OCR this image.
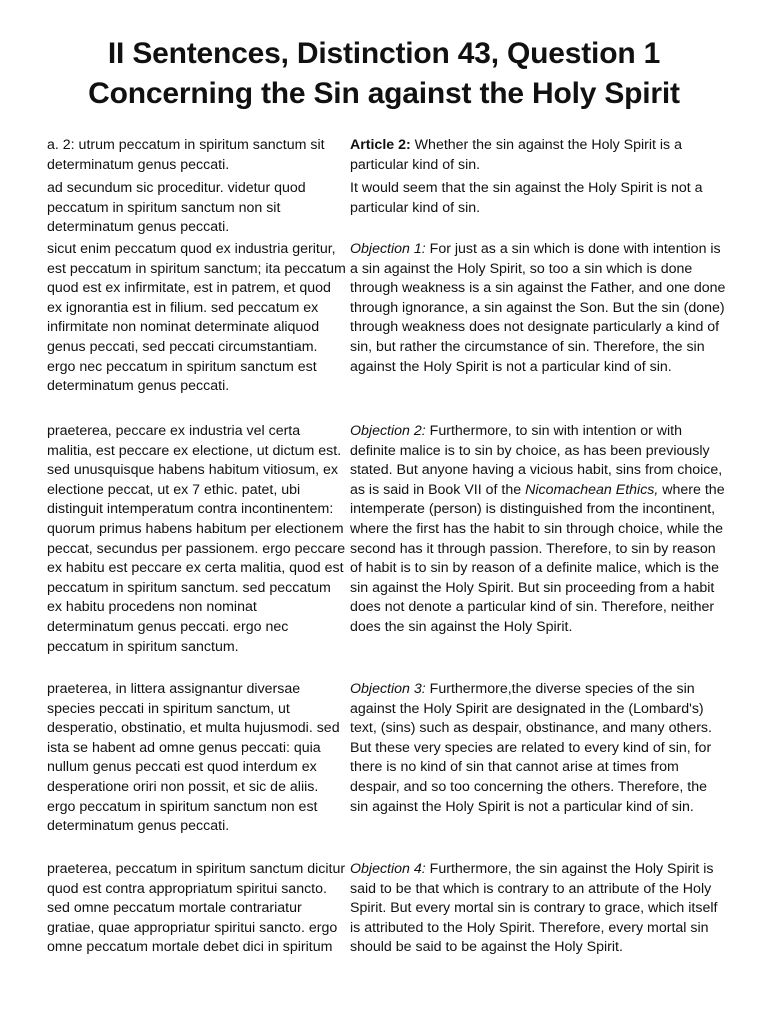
II Sentences, Distinction 43, Question 1
Concerning the Sin against the Holy Spirit

a. 2: utrum peccatum in spiritum sanctum sit determinatum genus peccati.

Article 2: Whether the sin against the Holy Spirit is a particular kind of sin.

ad secundum sic proceditur. videtur quod peccatum in spiritum sanctum non sit determinatum genus peccati.

It would seem that the sin against the Holy Spirit is not a particular kind of sin.

sicut enim peccatum quod ex industria geritur, est peccatum in spiritum sanctum; ita peccatum quod est ex infirmitate, est in patrem, et quod ex ignorantia est in filium. sed peccatum ex infirmitate non nominat determinate aliquod genus peccati, sed peccati circumstantiam. ergo nec peccatum in spiritum sanctum est determinatum genus peccati.

Objection 1: For just as a sin which is done with intention is a sin against the Holy Spirit, so too a sin which is done through weakness is a sin against the Father, and one done through ignorance, a sin against the Son. But the sin (done) through weakness does not designate particularly a kind of sin, but rather the circumstance of sin. Therefore, the sin against the Holy Spirit is not a particular kind of sin.

praeterea, peccare ex industria vel certa malitia, est peccare ex electione, ut dictum est. sed unusquisque habens habitum vitiosum, ex electione peccat, ut ex 7 ethic. patet, ubi distinguit intemperatum contra incontinentem: quorum primus habens habitum per electionem peccat, secundus per passionem. ergo peccare ex habitu est peccare ex certa malitia, quod est peccatum in spiritum sanctum. sed peccatum ex habitu procedens non nominat determinatum genus peccati. ergo nec peccatum in spiritum sanctum.

Objection 2: Furthermore, to sin with intention or with definite malice is to sin by choice, as has been previously stated. But anyone having a vicious habit, sins from choice, as is said in Book VII of the Nicomachean Ethics, where the intemperate (person) is distinguished from the incontinent, where the first has the habit to sin through choice, while the second has it through passion. Therefore, to sin by reason of habit is to sin by reason of a definite malice, which is the sin against the Holy Spirit. But sin proceeding from a habit does not denote a particular kind of sin. Therefore, neither does the sin against the Holy Spirit.

praeterea, in littera assignantur diversae species peccati in spiritum sanctum, ut desperatio, obstinatio, et multa hujusmodi. sed ista se habent ad omne genus peccati: quia nullum genus peccati est quod interdum ex desperatione oriri non possit, et sic de aliis. ergo peccatum in spiritum sanctum non est determinatum genus peccati.

Objection 3: Furthermore,the diverse species of the sin against the Holy Spirit are designated in the (Lombard's) text, (sins) such as despair, obstinance, and many others. But these very species are related to every kind of sin, for there is no kind of sin that cannot arise at times from despair, and so too concerning the others. Therefore, the sin against the Holy Spirit is not a particular kind of sin.

praeterea, peccatum in spiritum sanctum dicitur quod est contra appropriatum spiritui sancto. sed omne peccatum mortale contrariatur gratiae, quae appropriatur spiritui sancto. ergo omne peccatum mortale debet dici in spiritum

Objection 4: Furthermore, the sin against the Holy Spirit is said to be that which is contrary to an attribute of the Holy Spirit. But every mortal sin is contrary to grace, which itself is attributed to the Holy Spirit. Therefore, every mortal sin should be said to be against the Holy Spirit.
